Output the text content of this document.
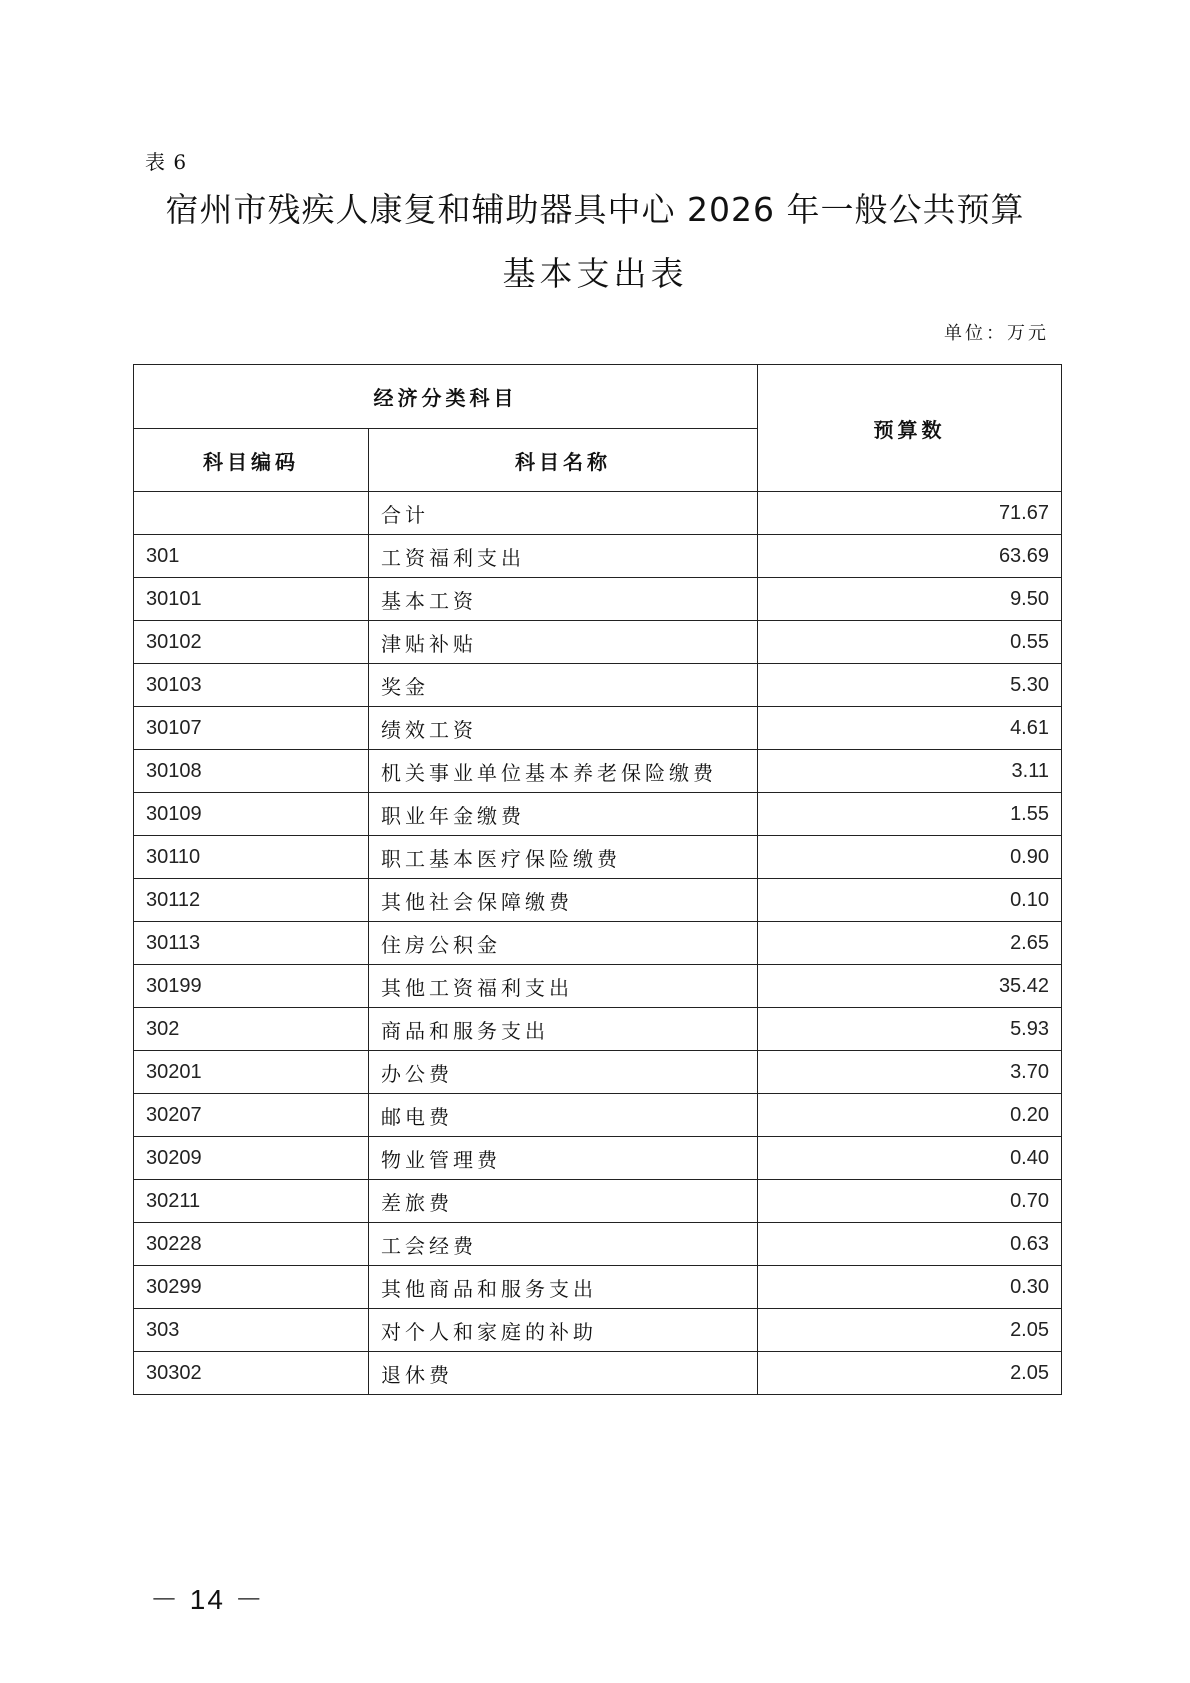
表 6
宿州市残疾人康复和辅助器具中心 2026 年一般公共预算
基本支出表
单位：万元
经济分类科目		预算数
科目编码	科目名称	
	合计	71.67
301	工资福利支出	63.69
30101	基本工资	9.50
30102	津贴补贴	0.55
30103	奖金	5.30
30107	绩效工资	4.61
30108	机关事业单位基本养老保险缴费	3.11
30109	职业年金缴费	1.55
30110	职工基本医疗保险缴费	0.90
30112	其他社会保障缴费	0.10
30113	住房公积金	2.65
30199	其他工资福利支出	35.42
302	商品和服务支出	5.93
30201	办公费	3.70
30207	邮电费	0.20
30209	物业管理费	0.40
30211	差旅费	0.70
30228	工会经费	0.63
30299	其他商品和服务支出	0.30
303	对个人和家庭的补助	2.05
30302	退休费	2.05
－ 14 －
